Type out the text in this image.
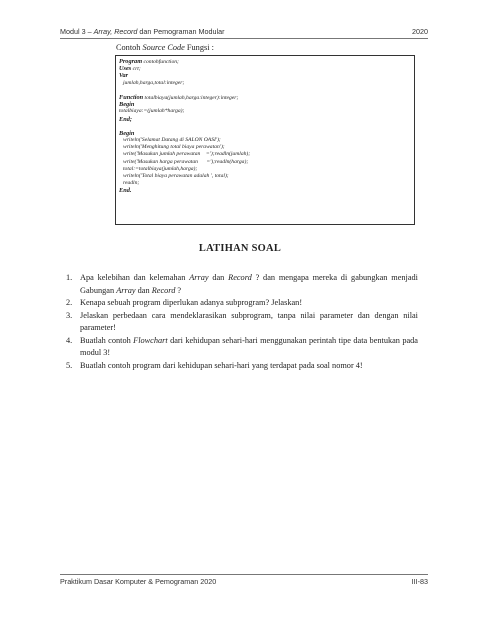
Modul 3 – Array, Record dan Pemograman Modular	2020
Contoh Source Code Fungsi :
Program contohfunction;
Uses crt;
Var
jumlah,harga,total:integer;
Function totalbiaya(jumlah,harga:integer):integer;
Begin
totalbiaya:=(jumlah*harga);
End;
Begin
writeln('Selamat Datang di SALON OASI');
writeln('Menghitung total biaya perawatan');
write('Masukan jumlah perawatan    =');readln(jumlah);
write('Masukan harga perawatan      =');readln(harga);
total:=totalbiaya(jumlah,harga);
writeln('Total biaya perawatan adalah ', total);
readln;
End.
LATIHAN SOAL
1. Apa kelebihan dan kelemahan Array dan Record ? dan mengapa mereka di gabungkan menjadi Gabungan Array dan Record ?
2. Kenapa sebuah program diperlukan adanya subprogram? Jelaskan!
3. Jelaskan perbedaan cara mendeklarasikan subprogram, tanpa nilai parameter dan dengan nilai parameter!
4. Buatlah contoh Flowchart dari kehidupan sehari-hari menggunakan perintah tipe data bentukan pada modul 3!
5. Buatlah contoh program dari kehidupan sehari-hari yang terdapat pada soal nomor 4!
Praktikum Dasar Komputer & Pemograman 2020	III-83
